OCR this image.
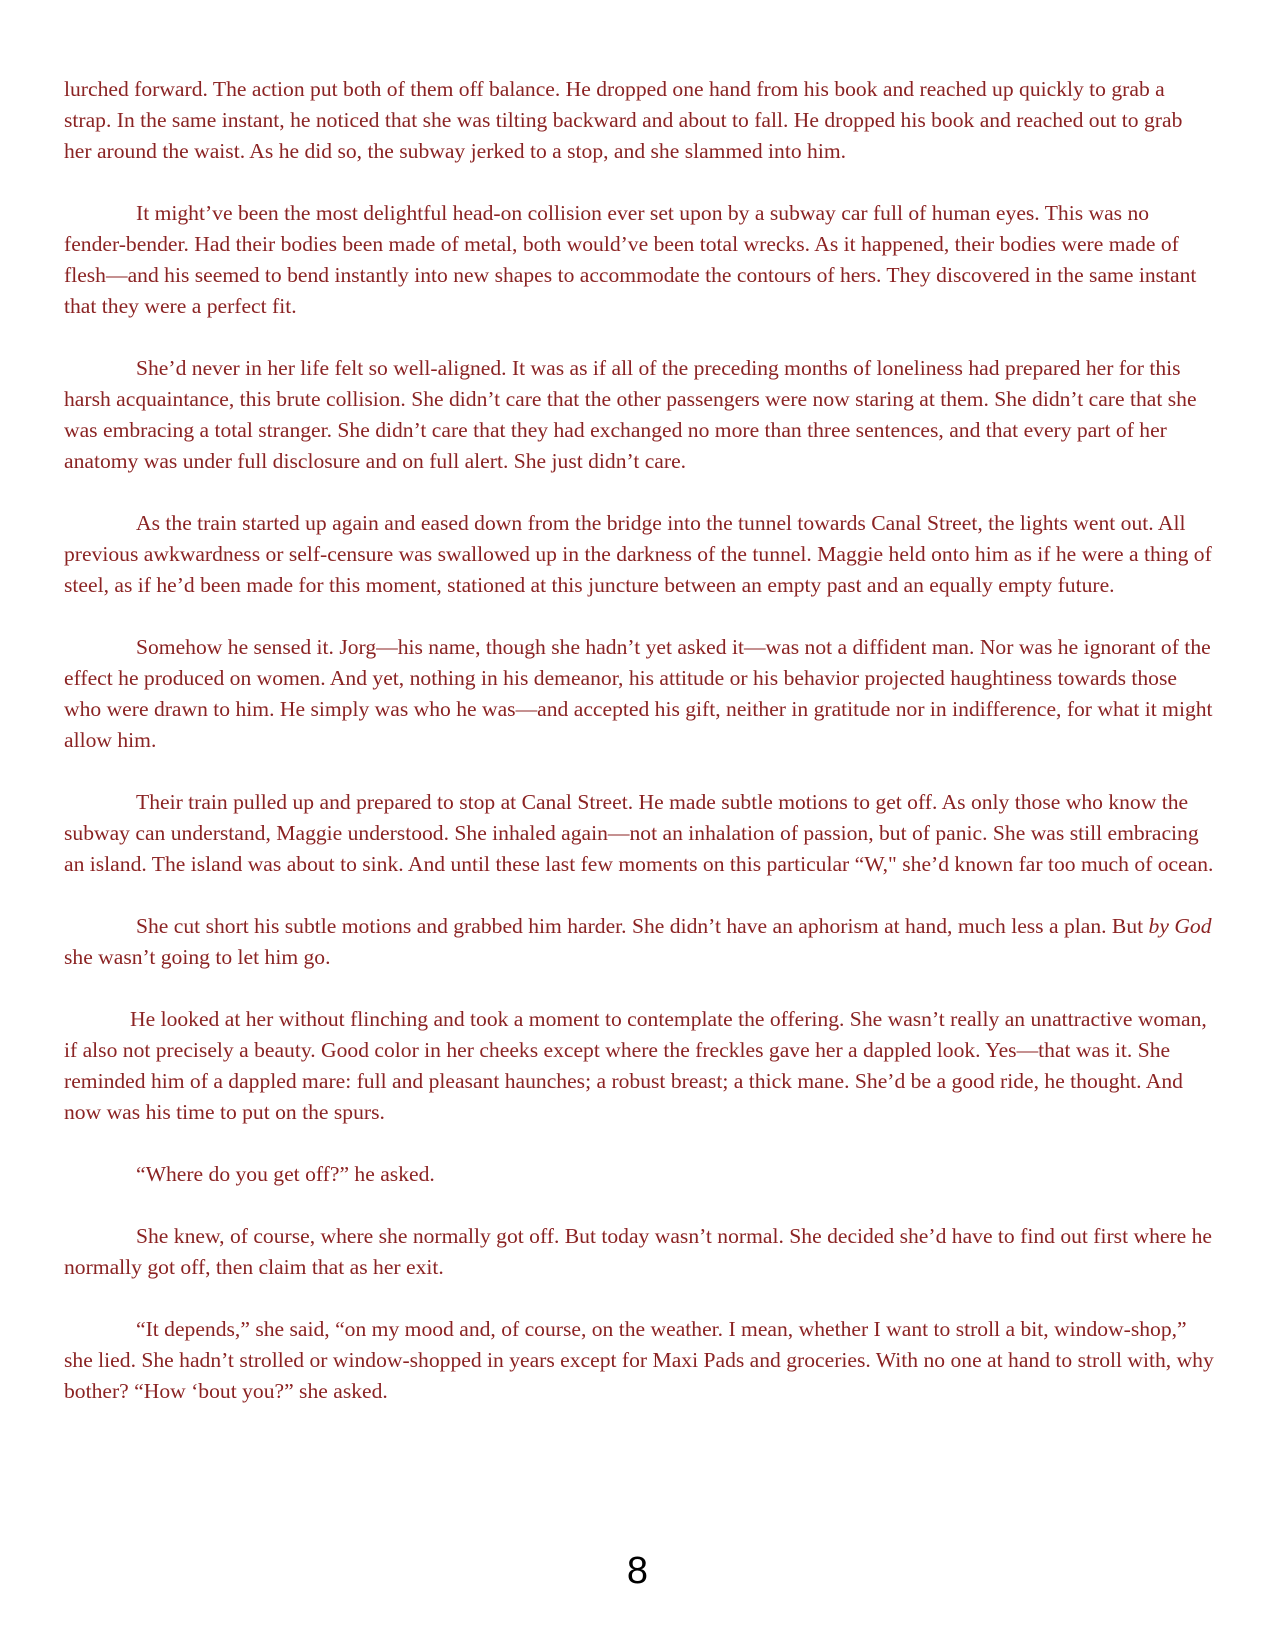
lurched forward. The action put both of them off balance. He dropped one hand from his book and reached up quickly to grab a strap. In the same instant, he noticed that she was tilting backward and about to fall. He dropped his book and reached out to grab her around the waist. As he did so, the subway jerked to a stop, and she slammed into him.

It might’ve been the most delightful head-on collision ever set upon by a subway car full of human eyes. This was no fender-bender. Had their bodies been made of metal, both would’ve been total wrecks. As it happened, their bodies were made of flesh—and his seemed to bend instantly into new shapes to accommodate the contours of hers. They discovered in the same instant that they were a perfect fit.

She’d never in her life felt so well-aligned. It was as if all of the preceding months of loneliness had prepared her for this harsh acquaintance, this brute collision. She didn’t care that the other passengers were now staring at them. She didn’t care that she was embracing a total stranger. She didn’t care that they had exchanged no more than three sentences, and that every part of her anatomy was under full disclosure and on full alert. She just didn’t care.

As the train started up again and eased down from the bridge into the tunnel towards Canal Street, the lights went out. All previous awkwardness or self-censure was swallowed up in the darkness of the tunnel. Maggie held onto him as if he were a thing of steel, as if he’d been made for this moment, stationed at this juncture between an empty past and an equally empty future.

Somehow he sensed it. Jorg—his name, though she hadn’t yet asked it—was not a diffident man. Nor was he ignorant of the effect he produced on women. And yet, nothing in his demeanor, his attitude or his behavior projected haughtiness towards those who were drawn to him. He simply was who he was—and accepted his gift, neither in gratitude nor in indifference, for what it might allow him.

Their train pulled up and prepared to stop at Canal Street. He made subtle motions to get off. As only those who know the subway can understand, Maggie understood. She inhaled again—not an inhalation of passion, but of panic. She was still embracing an island. The island was about to sink. And until these last few moments on this particular “W," she’d known far too much of ocean.

She cut short his subtle motions and grabbed him harder. She didn’t have an aphorism at hand, much less a plan. But by God she wasn’t going to let him go.

He looked at her without flinching and took a moment to contemplate the offering. She wasn’t really an unattractive woman, if also not precisely a beauty. Good color in her cheeks except where the freckles gave her a dappled look. Yes—that was it. She reminded him of a dappled mare: full and pleasant haunches; a robust breast; a thick mane. She’d be a good ride, he thought. And now was his time to put on the spurs.

“Where do you get off?” he asked.

She knew, of course, where she normally got off. But today wasn’t normal. She decided she’d have to find out first where he normally got off, then claim that as her exit.

“It depends,” she said, “on my mood and, of course, on the weather. I mean, whether I want to stroll a bit, window-shop,” she lied. She hadn’t strolled or window-shopped in years except for Maxi Pads and groceries. With no one at hand to stroll with, why bother? “How ‘bout you?” she asked.

8
